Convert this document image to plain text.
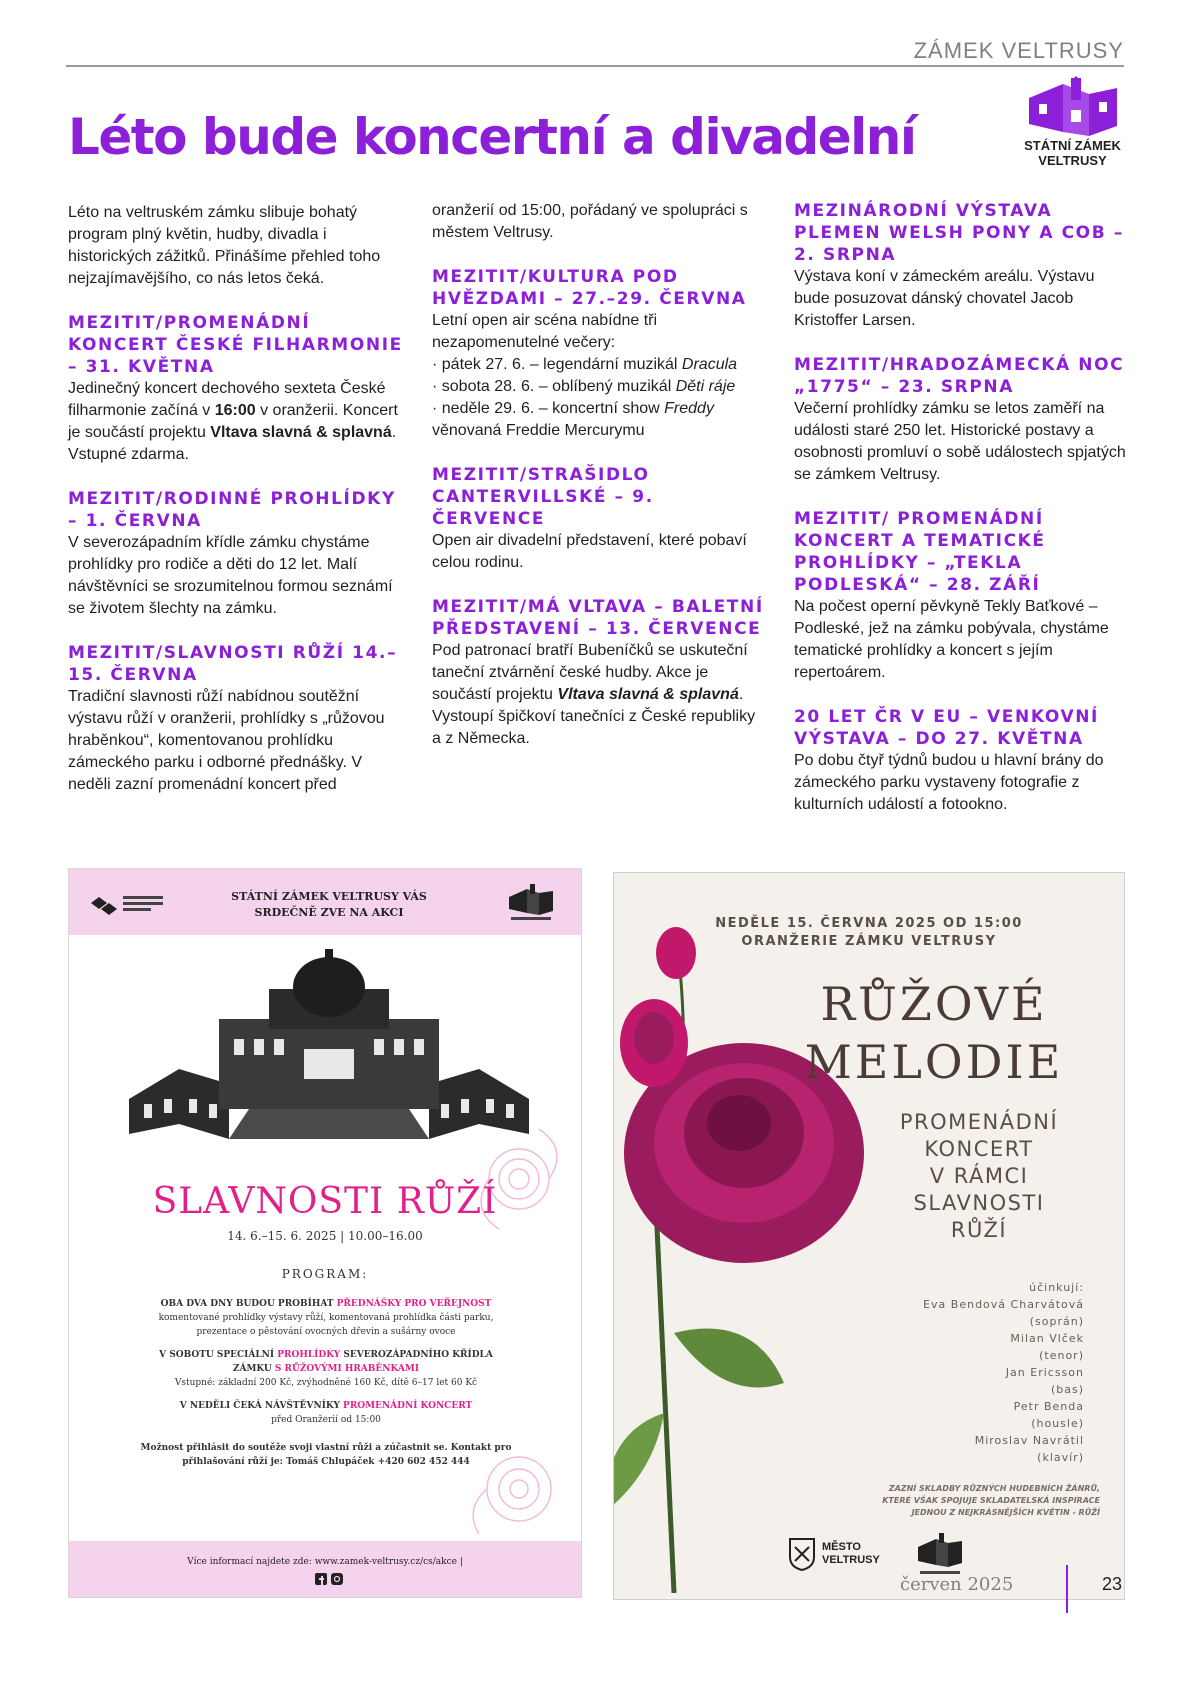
ZÁMEK VELTRUSY
Léto bude koncertní a divadelní	STÁTNÍ ZÁMEK
VELTRUSY

Léto na veltruském zámku slibuje bohatý program plný květin, hudby, divadla i historických zážitků. Přinášíme přehled toho nejzajímavějšího, co nás letos čeká.

MEZITIT/PROMENÁDNÍ KONCERT ČESKÉ FILHARMONIE – 31. KVĚTNA

Jedinečný koncert dechového sexteta České filharmonie začíná v 16:00 v oranžerii. Koncert je součástí projektu Vltava slavná & splavná. Vstupné zdarma.

MEZITIT/RODINNÉ PROHLÍDKY – 1. ČERVNA

V severozápadním křídle zámku chystáme prohlídky pro rodiče a děti do 12 let. Malí návštěvníci se srozumitelnou formou seznámí se životem šlechty na zámku.

MEZITIT/SLAVNOSTI RŮŽÍ 14.–15. ČERVNA

Tradiční slavnosti růží nabídnou soutěžní výstavu růží v oranžerii, prohlídky s „růžovou hraběnkou“, komentovanou prohlídku zámeckého parku i odborné přednášky. V neděli zazní promenádní koncert před

oranžerií od 15:00, pořádaný ve spolupráci s městem Veltrusy.

MEZITIT/KULTURA POD HVĚZDAMI – 27.–29. ČERVNA

Letní open air scéna nabídne tři nezapomenutelné večery:

· pátek 27. 6. – legendární muzikál Dracula

· sobota 28. 6. – oblíbený muzikál Děti ráje

· neděle 29. 6. – koncertní show Freddy věnovaná Freddie Mercurymu

MEZITIT/STRAŠIDLO CANTERVILLSKÉ – 9. ČERVENCE

Open air divadelní představení, které pobaví celou rodinu.

MEZITIT/MÁ VLTAVA – BALETNÍ PŘEDSTAVENÍ – 13. ČERVENCE

Pod patronací bratří Bubeníčků se uskuteční taneční ztvárnění české hudby. Akce je součástí projektu Vltava slavná & splavná. Vystoupí špičkoví tanečníci z České republiky a z Německa.

MEZINÁRODNÍ VÝSTAVA PLEMEN WELSH PONY A COB – 2. SRPNA

Výstava koní v zámeckém areálu. Výstavu bude posuzovat dánský chovatel Jacob Kristoffer Larsen.

MEZITIT/HRADOZÁMECKÁ NOC „1775“ – 23. SRPNA

Večerní prohlídky zámku se letos zaměří na události staré 250 let. Historické postavy a osobnosti promluví o sobě událostech spjatých se zámkem Veltrusy.

MEZITIT/ PROMENÁDNÍ KONCERT A TEMATICKÉ PROHLÍDKY – „TEKLA PODLESKÁ“ – 28. ZÁŘÍ

Na počest operní pěvkyně Tekly Baťkové – Podleské, jež na zámku pobývala, chystáme tematické prohlídky a koncert s jejím repertoárem.

20 LET ČR V EU – VENKOVNÍ VÝSTAVA – DO 27. KVĚTNA

Po dobu čtyř týdnů budou u hlavní brány do zámeckého parku vystaveny fotografie z kulturních událostí a fotookno.

STÁTNÍ ZÁMEK VELTRUSY VÁS
SRDEČNĚ ZVE NA AKCI
SLAVNOSTI RŮŽÍ
14. 6.–15. 6. 2025 | 10.00–16.00
PROGRAM:
OBA DVA DNY BUDOU PROBÍHAT PŘEDNÁŠKY PRO VEŘEJNOST
komentované prohlídky výstavy růží, komentovaná prohlídka části parku, prezentace o pěstování ovocných dřevin a sušárny ovoce
V SOBOTU SPECIÁLNÍ PROHLÍDKY SEVEROZÁPADNÍHO KŘÍDLA ZÁMKU S RŮŽOVÝMI HRABĚNKAMI
Vstupné: základní 200 Kč, zvýhodněné 160 Kč, dítě 6–17 let 60 Kč
V NEDĚLI ČEKÁ NÁVŠTĚVNÍKY PROMENÁDNÍ KONCERT
před Oranžerií od 15:00
Možnost přihlásit do soutěže svoji vlastní růži a zúčastnit se. Kontakt pro přihlašování růží je: Tomáš Chlupáček +420 602 452 444
Více informací najdete zde: www.zamek-veltrusy.cz/cs/akce |

NEDĚLE 15. ČERVNA 2025 OD 15:00
ORANŽERIE ZÁMKU VELTRUSY
RŮŽOVÉ
MELODIE
PROMENÁDNÍ
KONCERT
V RÁMCI
SLAVNOSTI
RŮŽÍ
účinkují:
Eva Bendová Charvátová
(soprán)
Milan Vlček
(tenor)
Jan Ericsson
(bas)
Petr Benda
(housle)
Miroslav Navrátil
(klavír)
ZAZNÍ SKLADBY RŮZNÝCH HUDEBNÍCH ŽÁNRŮ,
KTERÉ VŠAK SPOJUJE SKLADATELSKÁ INSPIRACE
JEDNOU Z NEJKRÁSNĚJŠÍCH KVĚTIN - RŮŽÍ
MĚSTO
VELTRUSY
červen 2025	23
